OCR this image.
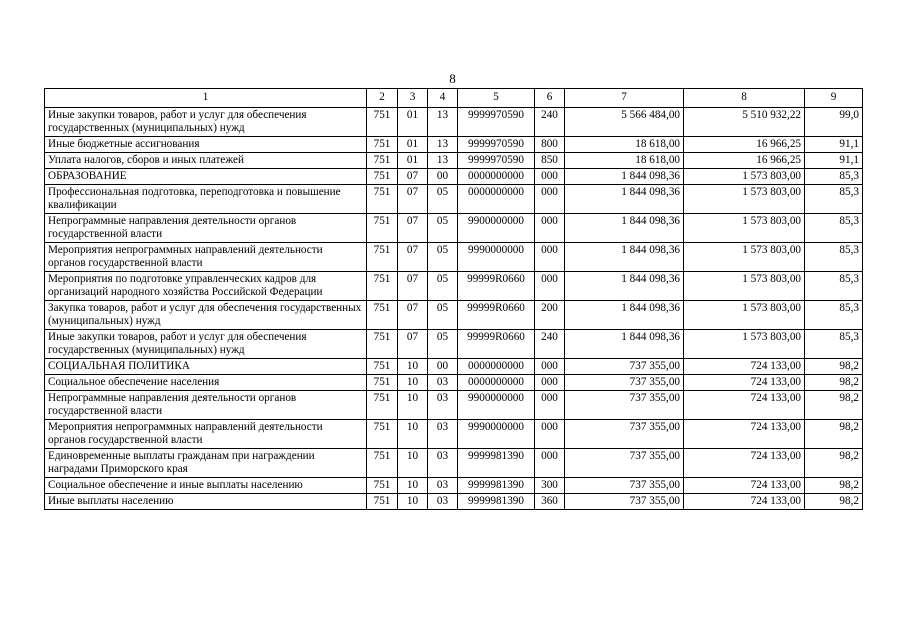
8
1	2	3	4	5	6	7	8	9
Иные закупки товаров, работ и услуг для обеспечения государственных (муниципальных) нужд	751	01	13	9999970590	240	5 566 484,00	5 510 932,22	99,0
Иные бюджетные ассигнования	751	01	13	9999970590	800	18 618,00	16 966,25	91,1
Уплата налогов, сборов и иных платежей	751	01	13	9999970590	850	18 618,00	16 966,25	91,1
ОБРАЗОВАНИЕ	751	07	00	0000000000	000	1 844 098,36	1 573 803,00	85,3
Профессиональная подготовка, переподготовка и повышение квалификации	751	07	05	0000000000	000	1 844 098,36	1 573 803,00	85,3
Непрограммные направления деятельности органов государственной власти	751	07	05	9900000000	000	1 844 098,36	1 573 803,00	85,3
Мероприятия непрограммных направлений деятельности органов государственной власти	751	07	05	9990000000	000	1 844 098,36	1 573 803,00	85,3
Мероприятия по подготовке управленческих кадров для организаций народного хозяйства Российской Федерации	751	07	05	99999R0660	000	1 844 098,36	1 573 803,00	85,3
Закупка товаров, работ и услуг для обеспечения государственных (муниципальных) нужд	751	07	05	99999R0660	200	1 844 098,36	1 573 803,00	85,3
Иные закупки товаров, работ и услуг для обеспечения государственных (муниципальных) нужд	751	07	05	99999R0660	240	1 844 098,36	1 573 803,00	85,3
СОЦИАЛЬНАЯ ПОЛИТИКА	751	10	00	0000000000	000	737 355,00	724 133,00	98,2
Социальное обеспечение населения	751	10	03	0000000000	000	737 355,00	724 133,00	98,2
Непрограммные направления деятельности органов государственной власти	751	10	03	9900000000	000	737 355,00	724 133,00	98,2
Мероприятия непрограммных направлений деятельности органов государственной власти	751	10	03	9990000000	000	737 355,00	724 133,00	98,2
Единовременные выплаты гражданам при награждении наградами Приморского края	751	10	03	9999981390	000	737 355,00	724 133,00	98,2
Социальное обеспечение и иные выплаты населению	751	10	03	9999981390	300	737 355,00	724 133,00	98,2
Иные выплаты населению	751	10	03	9999981390	360	737 355,00	724 133,00	98,2
